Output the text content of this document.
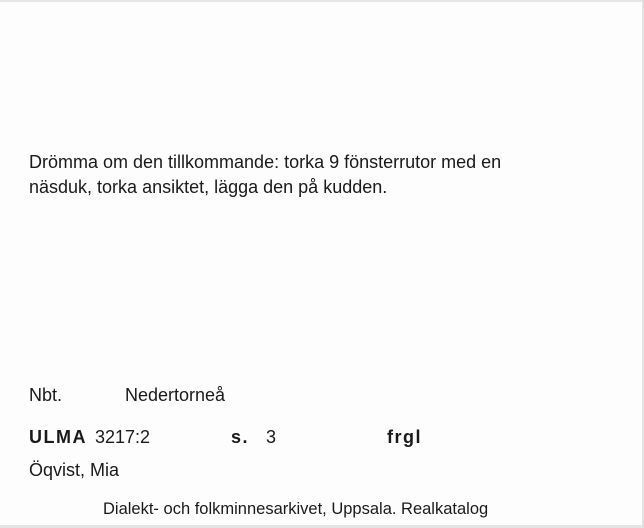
Drömma om den tillkommande: torka 9 fönsterrutor med en

näsduk, torka ansiktet, lägga den på kudden.

Nbt.	Nedertorneå
ULMA 3217:2	s. 3	frgl
Öqvist, Mia
Dialekt- och folkminnesarkivet, Uppsala. Realkatalog
